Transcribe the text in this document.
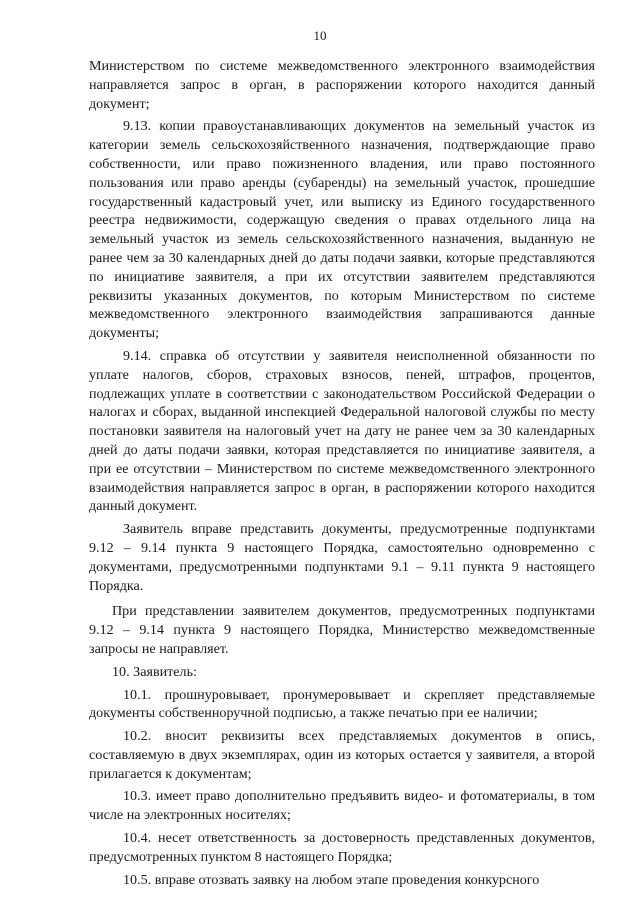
10

Министерством по системе межведомственного электронного взаимодействия направляется запрос в орган, в распоряжении которого находится данный документ;

9.13. копии правоустанавливающих документов на земельный участок из категории земель сельскохозяйственного назначения, подтверждающие право собственности, или право пожизненного владения, или право постоянного пользования или право аренды (субаренды) на земельный участок, прошедшие государственный кадастровый учет, или выписку из Единого государственного реестра недвижимости, содержащую сведения о правах отдельного лица на земельный участок из земель сельскохозяйственного назначения, выданную не ранее чем за 30 календарных дней до даты подачи заявки, которые представляются по инициативе заявителя, а при их отсутствии заявителем представляются реквизиты указанных документов, по которым Министерством по системе межведомственного электронного взаимодействия запрашиваются данные документы;

9.14. справка об отсутствии у заявителя неисполненной обязанности по уплате налогов, сборов, страховых взносов, пеней, штрафов, процентов, подлежащих уплате в соответствии с законодательством Российской Федерации о налогах и сборах, выданной инспекцией Федеральной налоговой службы по месту постановки заявителя на налоговый учет на дату не ранее чем за 30 календарных дней до даты подачи заявки, которая представляется по инициативе заявителя, а при ее отсутствии – Министерством по системе межведомственного электронного взаимодействия направляется запрос в орган, в распоряжении которого находится данный документ.

Заявитель вправе представить документы, предусмотренные подпунктами 9.12 – 9.14 пункта 9 настоящего Порядка, самостоятельно одновременно с документами, предусмотренными подпунктами 9.1 – 9.11 пункта 9 настоящего Порядка.

При представлении заявителем документов, предусмотренных подпунктами 9.12 – 9.14 пункта 9 настоящего Порядка, Министерство межведомственные запросы не направляет.

10. Заявитель:

10.1. прошнуровывает, пронумеровывает и скрепляет представляемые документы собственноручной подписью, а также печатью при ее наличии;

10.2. вносит реквизиты всех представляемых документов в опись, составляемую в двух экземплярах, один из которых остается у заявителя, а второй прилагается к документам;

10.3. имеет право дополнительно предъявить видео- и фотоматериалы, в том числе на электронных носителях;

10.4. несет ответственность за достоверность представленных документов, предусмотренных пунктом 8 настоящего Порядка;

10.5. вправе отозвать заявку на любом этапе проведения конкурсного
